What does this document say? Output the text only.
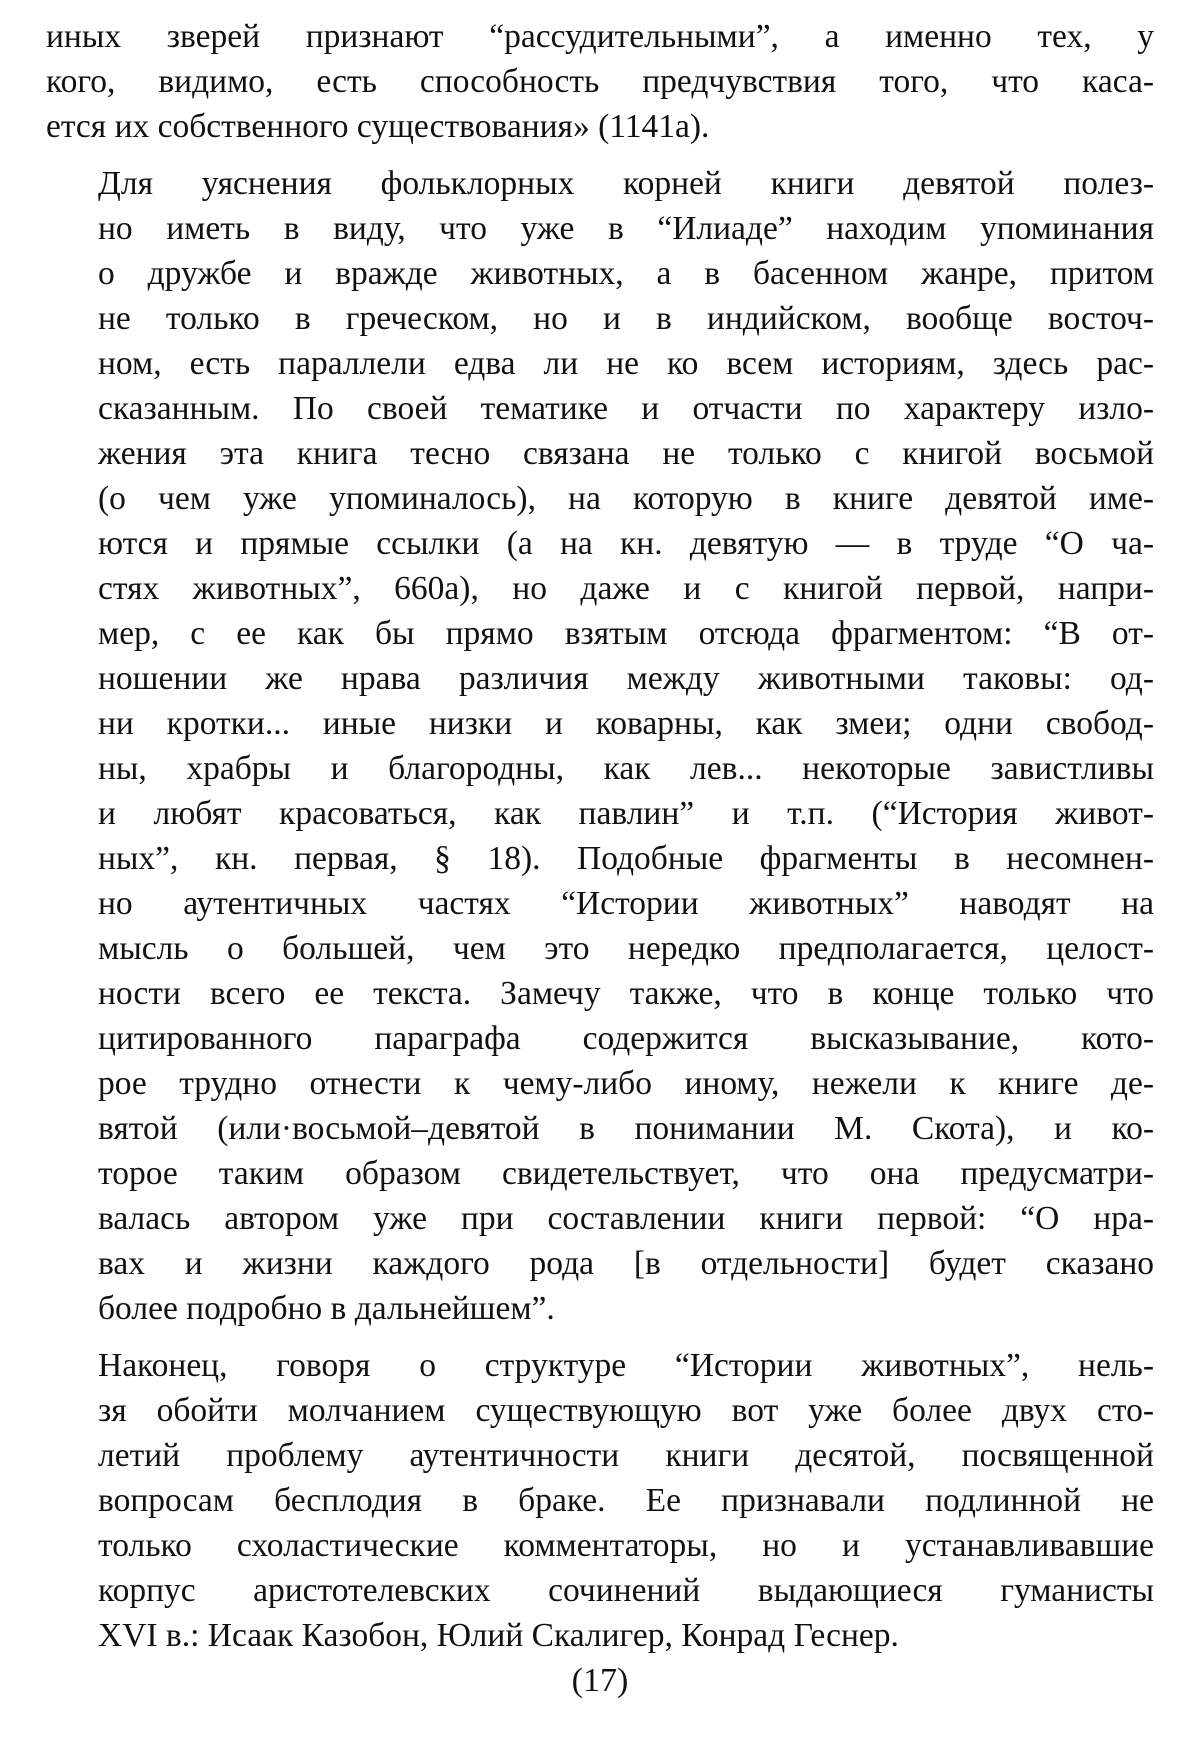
иных зверей признают “рассудительными”, а именно тех, у
кого, видимо, есть способность предчувствия того, что каса-
ется их собственного существования» (1141а).
Для уяснения фольклорных корней книги девятой полез-
но иметь в виду, что уже в “Илиаде” находим упоминания
о дружбе и вражде животных, а в басенном жанре, притом
не только в греческом, но и в индийском, вообще восточ-
ном, есть параллели едва ли не ко всем историям, здесь рас-
сказанным. По своей тематике и отчасти по характеру изло-
жения эта книга тесно связана не только с книгой восьмой
(о чем уже упоминалось), на которую в книге девятой име-
ются и прямые ссылки (а на кн. девятую — в труде “О ча-
стях животных”, 660а), но даже и с книгой первой, напри-
мер, с ее как бы прямо взятым отсюда фрагментом: “В от-
ношении же нрава различия между животными таковы: од-
ни кротки... иные низки и коварны, как змеи; одни свобод-
ны, храбры и благородны, как лев... некоторые завистливы
и любят красоваться, как павлин” и т.п. (“История живот-
ных”, кн. первая, § 18). Подобные фрагменты в несомнен-
но аутентичных частях “Истории животных” наводят на
мысль о большей, чем это нередко предполагается, целост-
ности всего ее текста. Замечу также, что в конце только что
цитированного параграфа содержится высказывание, кото-
рое трудно отнести к чему-либо иному, нежели к книге де-
вятой (или·восьмой–девятой в понимании М. Скота), и ко-
торое таким образом свидетельствует, что она предусматри-
валась автором уже при составлении книги первой: “О нра-
вах и жизни каждого рода [в отдельности] будет сказано
более подробно в дальнейшем”.
Наконец, говоря о структуре “Истории животных”, нель-
зя обойти молчанием существующую вот уже более двух сто-
летий проблему аутентичности книги десятой, посвященной
вопросам бесплодия в браке. Ее признавали подлинной не
только схоластические комментаторы, но и устанавливавшие
корпус аристотелевских сочинений выдающиеся гуманисты
XVI в.: Исаак Казобон, Юлий Скалигер, Конрад Геснер.
(17)
